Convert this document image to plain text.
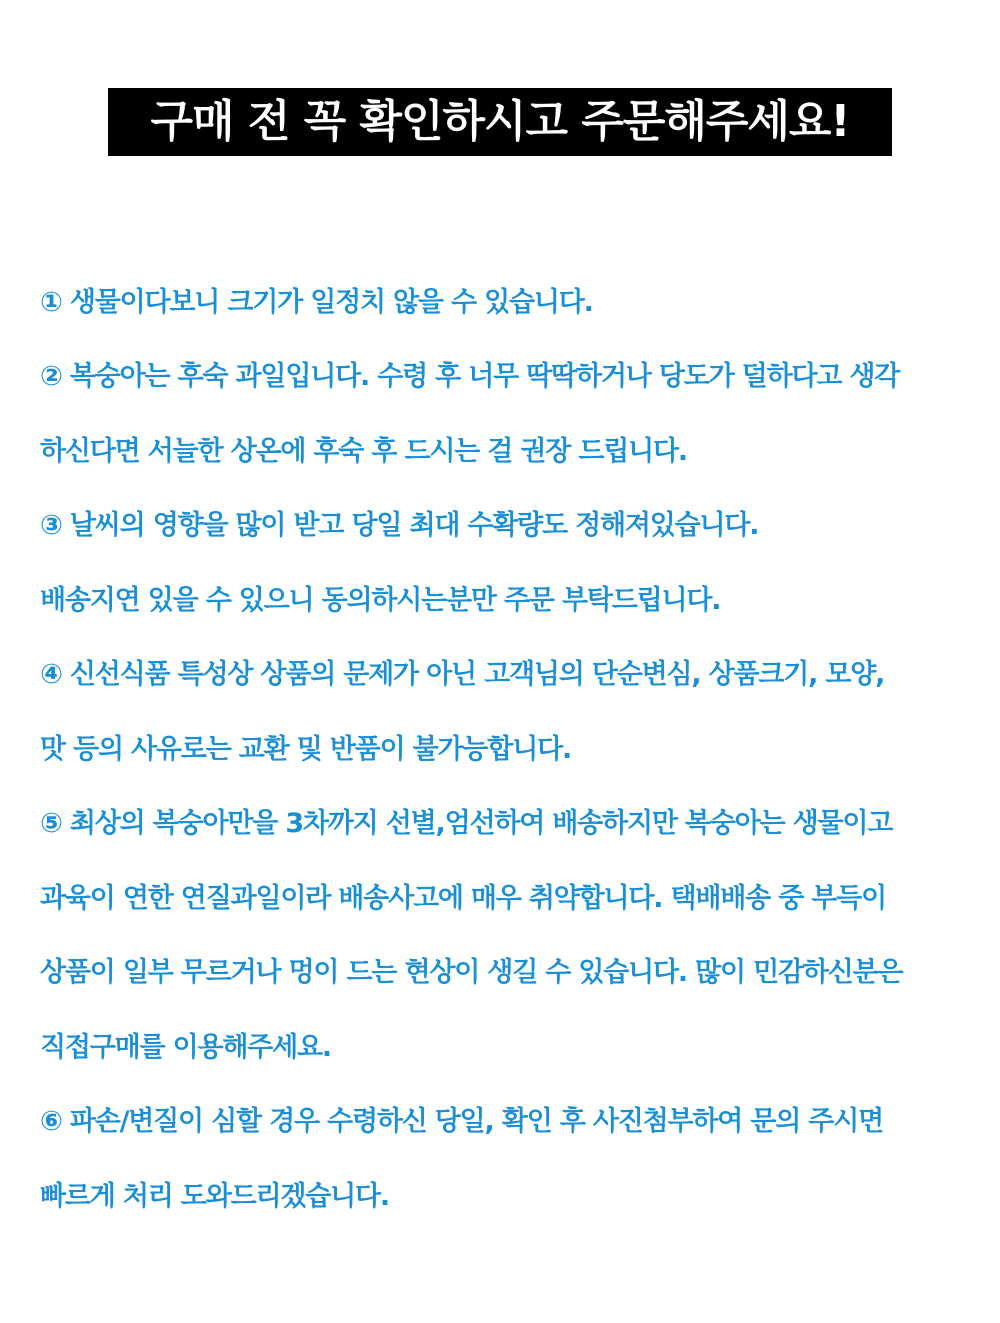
구매 전 꼭 확인하시고 주문해주세요!
① 생물이다보니 크기가 일정치 않을 수 있습니다.
② 복숭아는 후숙 과일입니다. 수령 후 너무 딱딱하거나 당도가 덜하다고 생각
하신다면 서늘한 상온에 후숙 후 드시는 걸 권장 드립니다.
③ 날씨의 영향을 많이 받고 당일 최대 수확량도 정해져있습니다.
배송지연 있을 수 있으니 동의하시는분만 주문 부탁드립니다.
④ 신선식품 특성상 상품의 문제가 아닌 고객님의 단순변심, 상품크기, 모양,
맛 등의 사유로는 교환 및 반품이 불가능합니다.
⑤ 최상의 복숭아만을 3차까지 선별,엄선하여 배송하지만 복숭아는 생물이고
과육이 연한 연질과일이라 배송사고에 매우 취약합니다. 택배배송 중 부득이
상품이 일부 무르거나 멍이 드는 현상이 생길 수 있습니다. 많이 민감하신분은
직접구매를 이용해주세요.
⑥ 파손/변질이 심할 경우 수령하신 당일, 확인 후 사진첨부하여 문의 주시면
빠르게 처리 도와드리겠습니다.
